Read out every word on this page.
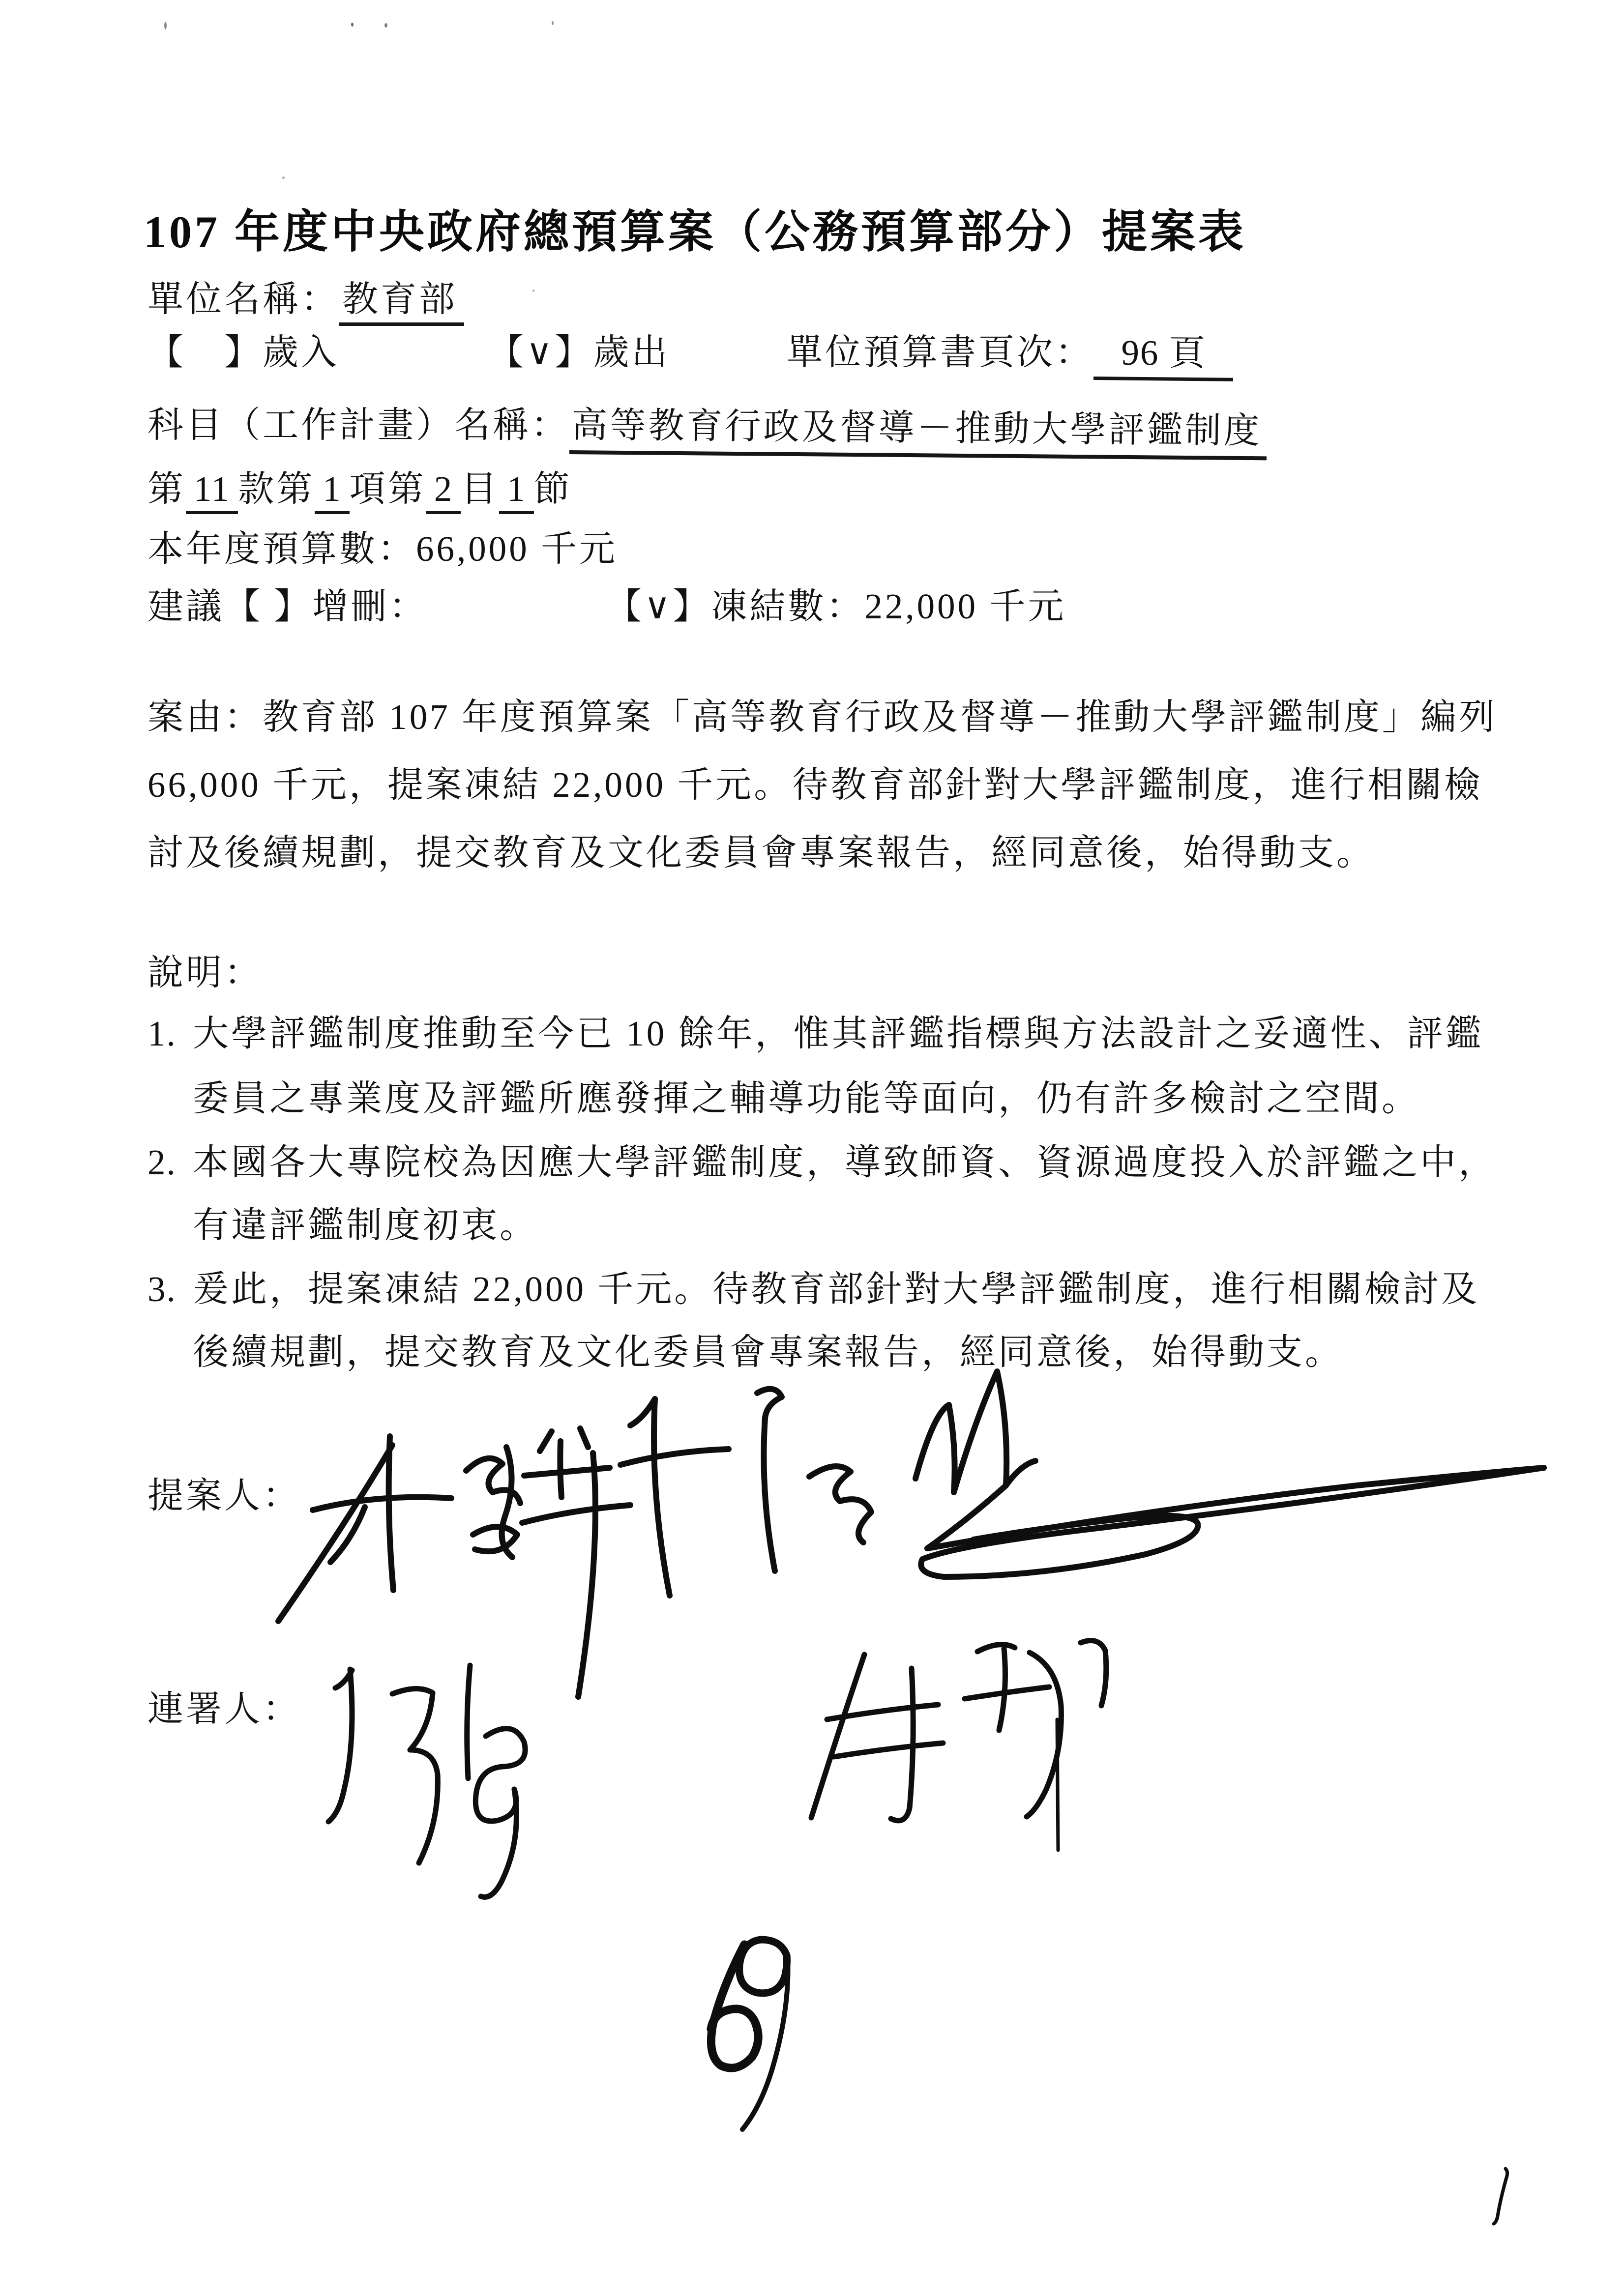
107 年度中央政府總預算案（公務預算部分）提案表
單位名稱：教育部
【　】歲入	【∨】歲出	單位預算書頁次： 96 頁
科目（工作計畫）名稱：高等教育行政及督導－推動大學評鑑制度
第 11 款第 1 項第 2 目 1 節
本年度預算數：66,000 千元
建議【 】增刪：	【∨】凍結數：22,000 千元
案由：教育部 107 年度預算案「高等教育行政及督導－推動大學評鑑制度」編列
66,000 千元，提案凍結 22,000 千元。待教育部針對大學評鑑制度，進行相關檢
討及後續規劃，提交教育及文化委員會專案報告，經同意後，始得動支。
說明：
1. 大學評鑑制度推動至今已 10 餘年，惟其評鑑指標與方法設計之妥適性、評鑑
委員之專業度及評鑑所應發揮之輔導功能等面向，仍有許多檢討之空間。
2. 本國各大專院校為因應大學評鑑制度，導致師資、資源過度投入於評鑑之中，
有違評鑑制度初衷。
3. 爰此，提案凍結 22,000 千元。待教育部針對大學評鑑制度，進行相關檢討及
後續規劃，提交教育及文化委員會專案報告，經同意後，始得動支。
提案人：
連署人：
